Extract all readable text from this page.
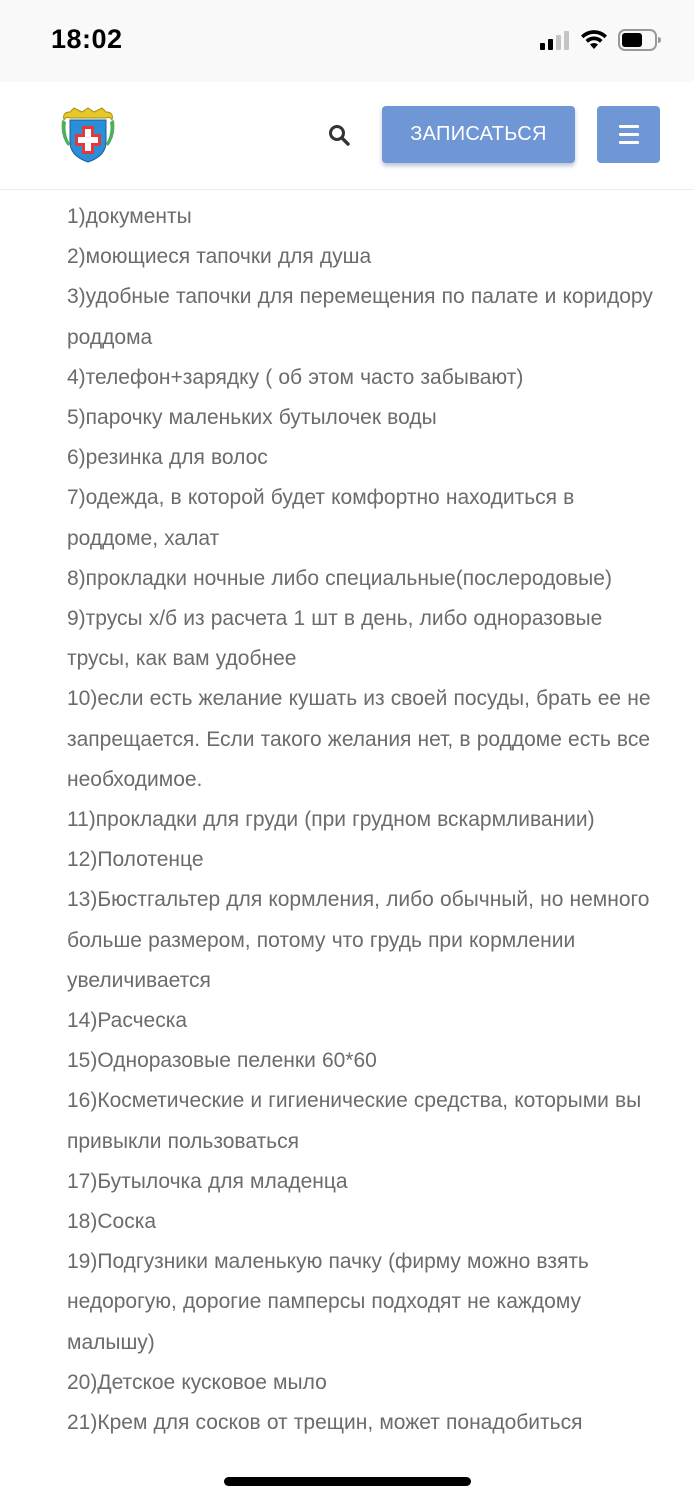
18:02
ЗАПИСАТЬСЯ

1)документы

2)моющиеся тапочки для душа

3)удобные тапочки для перемещения по палате и коридору роддома

4)телефон+зарядку ( об этом часто забывают)

5)парочку маленьких бутылочек воды

6)резинка для волос

7)одежда, в которой будет комфортно находиться в роддоме, халат

8)прокладки ночные либо специальные(послеродовые)

9)трусы х/б из расчета 1 шт в день, либо одноразовые трусы, как вам удобнее

10)если есть желание кушать из своей посуды, брать ее не запрещается. Если такого желания нет, в роддоме есть все необходимое.

11)прокладки для груди (при грудном вскармливании)

12)Полотенце

13)Бюстгальтер для кормления, либо обычный, но немного больше размером, потому что грудь при кормлении увеличивается

14)Расческа

15)Одноразовые пеленки 60*60

16)Косметические и гигиенические средства, которыми вы привыкли пользоваться

17)Бутылочка для младенца

18)Соска

19)Подгузники маленькую пачку (фирму можно взять недорогую, дорогие памперсы подходят не каждому малышу)

20)Детское кусковое мыло

21)Крем для сосков от трещин, может понадобиться
